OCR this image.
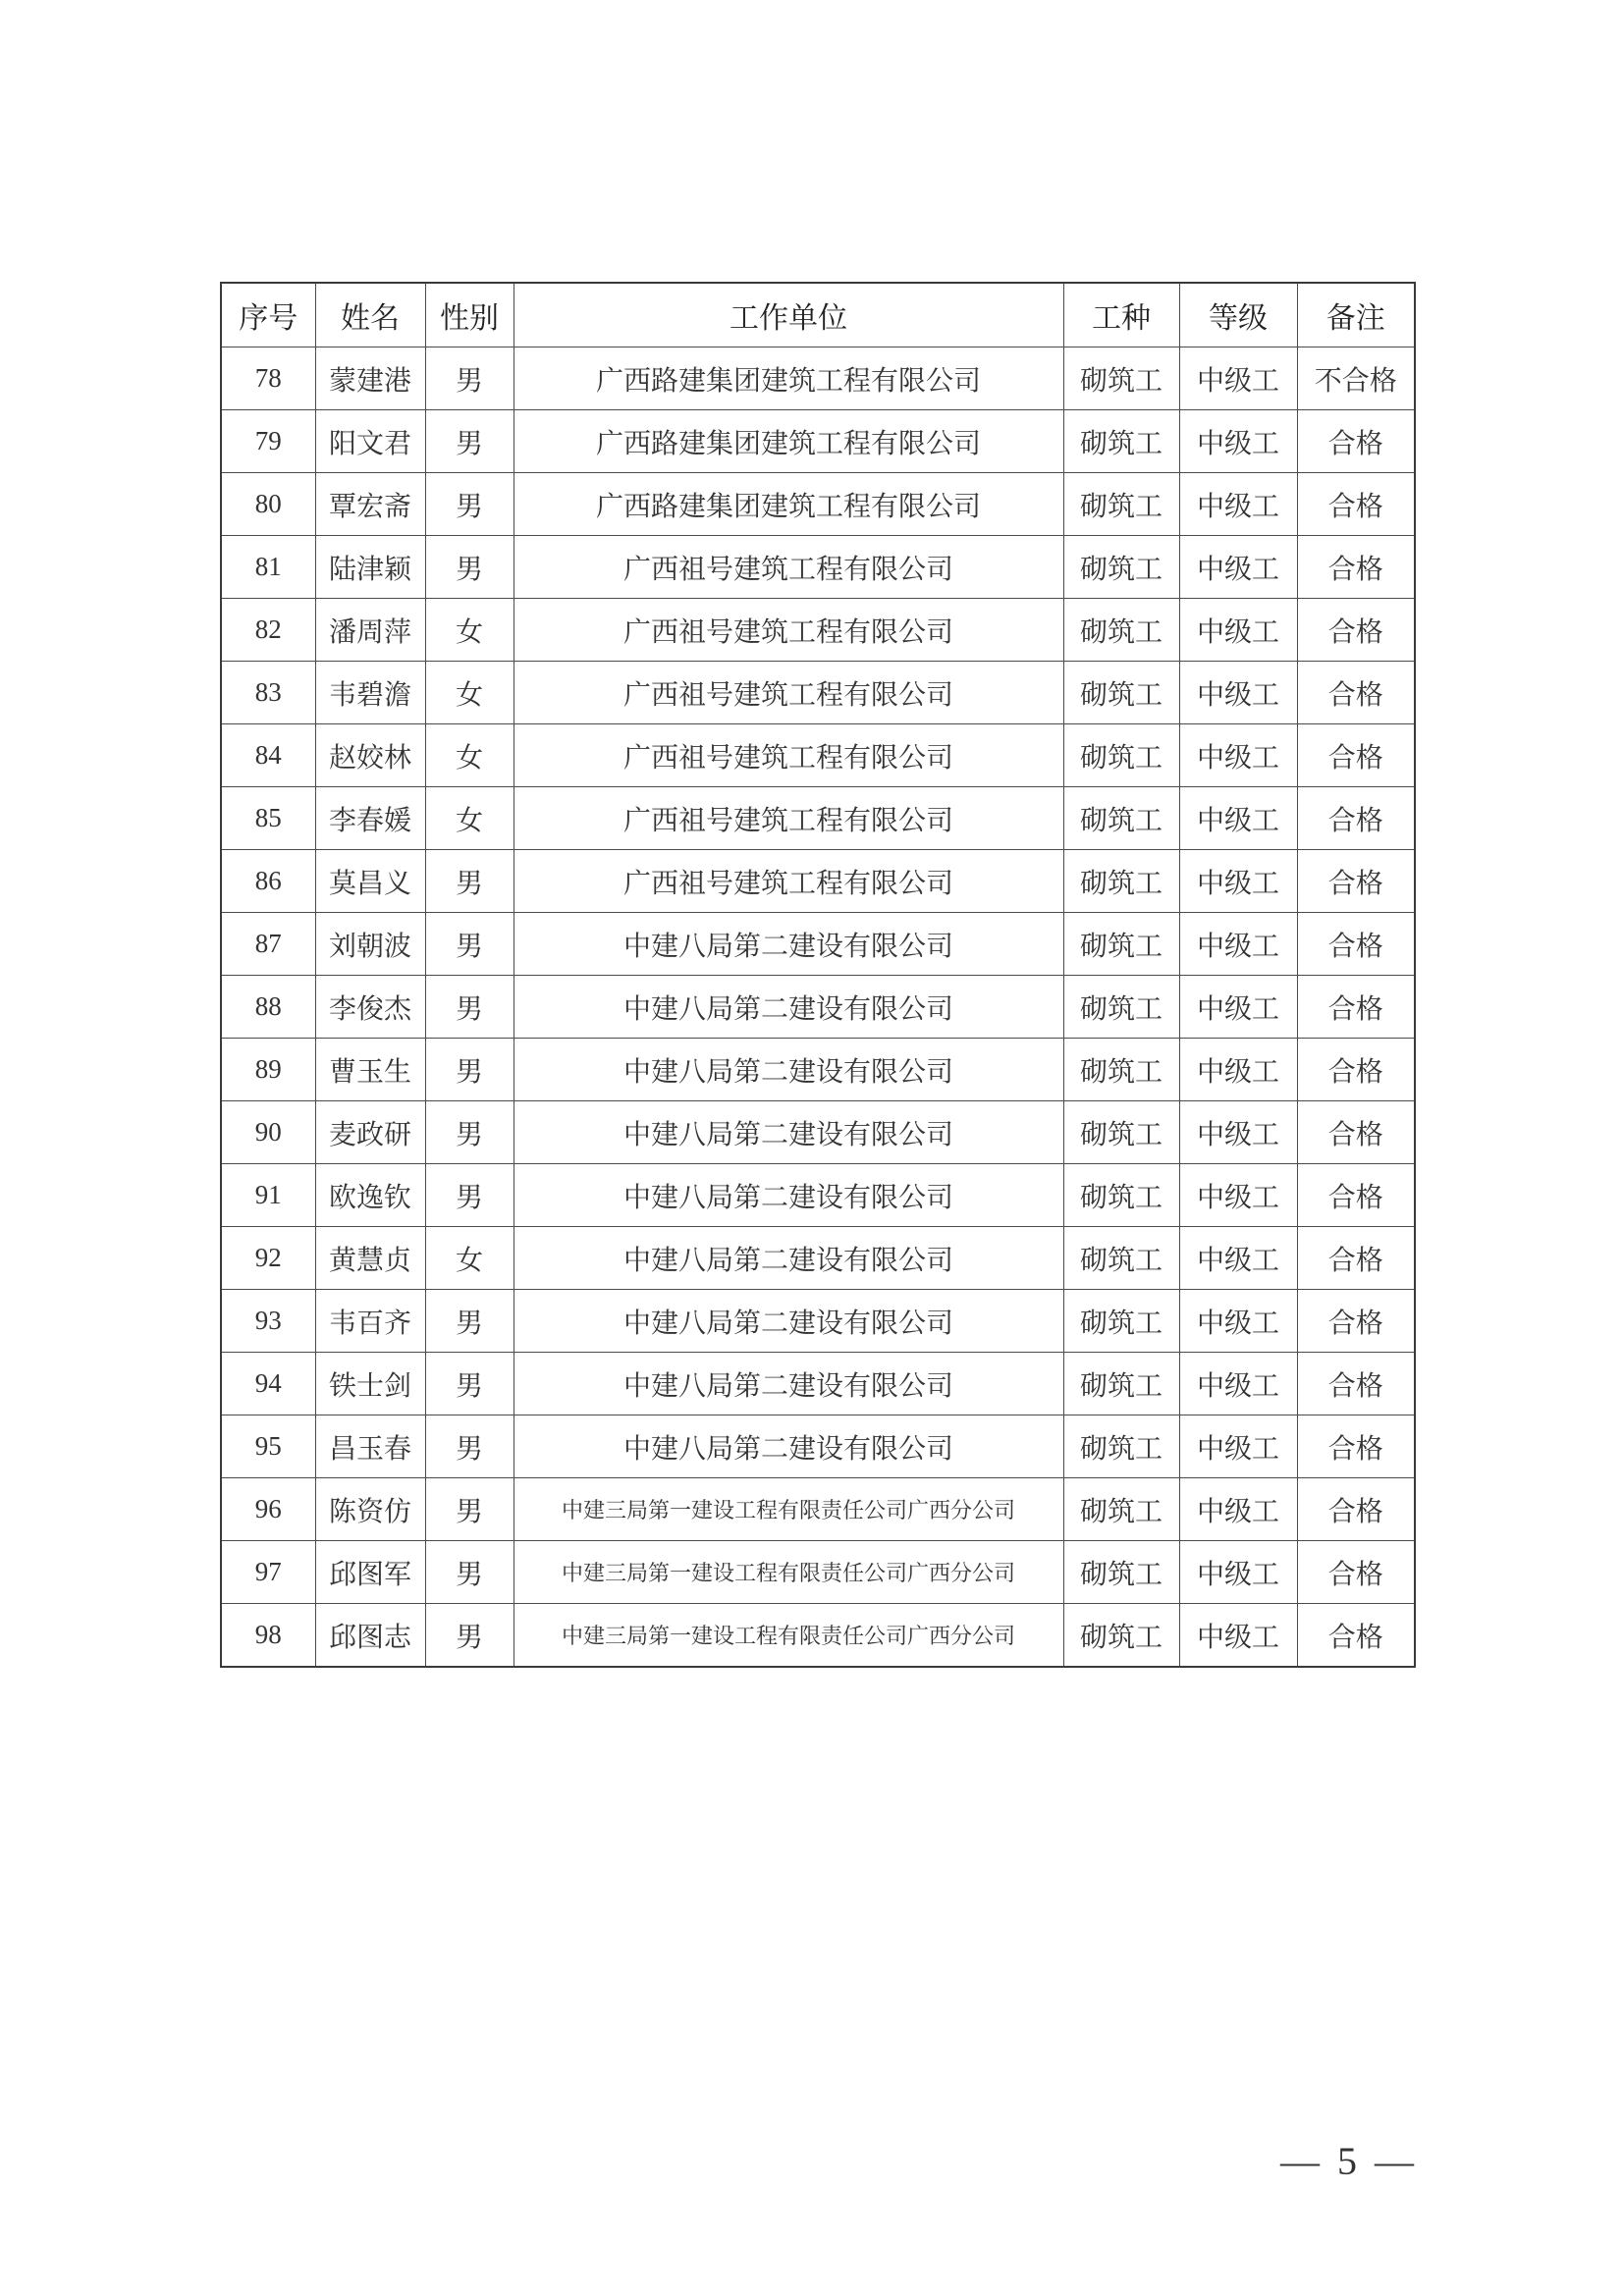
序号	姓名	性别	工作单位	工种	等级	备注
78	蒙建港	男	广西路建集团建筑工程有限公司	砌筑工	中级工	不合格
79	阳文君	男	广西路建集团建筑工程有限公司	砌筑工	中级工	合格
80	覃宏斋	男	广西路建集团建筑工程有限公司	砌筑工	中级工	合格
81	陆津颖	男	广西祖号建筑工程有限公司	砌筑工	中级工	合格
82	潘周萍	女	广西祖号建筑工程有限公司	砌筑工	中级工	合格
83	韦碧澹	女	广西祖号建筑工程有限公司	砌筑工	中级工	合格
84	赵姣林	女	广西祖号建筑工程有限公司	砌筑工	中级工	合格
85	李春媛	女	广西祖号建筑工程有限公司	砌筑工	中级工	合格
86	莫昌义	男	广西祖号建筑工程有限公司	砌筑工	中级工	合格
87	刘朝波	男	中建八局第二建设有限公司	砌筑工	中级工	合格
88	李俊杰	男	中建八局第二建设有限公司	砌筑工	中级工	合格
89	曹玉生	男	中建八局第二建设有限公司	砌筑工	中级工	合格
90	麦政研	男	中建八局第二建设有限公司	砌筑工	中级工	合格
91	欧逸钦	男	中建八局第二建设有限公司	砌筑工	中级工	合格
92	黄慧贞	女	中建八局第二建设有限公司	砌筑工	中级工	合格
93	韦百齐	男	中建八局第二建设有限公司	砌筑工	中级工	合格
94	铁士剑	男	中建八局第二建设有限公司	砌筑工	中级工	合格
95	昌玉春	男	中建八局第二建设有限公司	砌筑工	中级工	合格
96	陈资仿	男	中建三局第一建设工程有限责任公司广西分公司	砌筑工	中级工	合格
97	邱图军	男	中建三局第一建设工程有限责任公司广西分公司	砌筑工	中级工	合格
98	邱图志	男	中建三局第一建设工程有限责任公司广西分公司	砌筑工	中级工	合格
— 5 —
